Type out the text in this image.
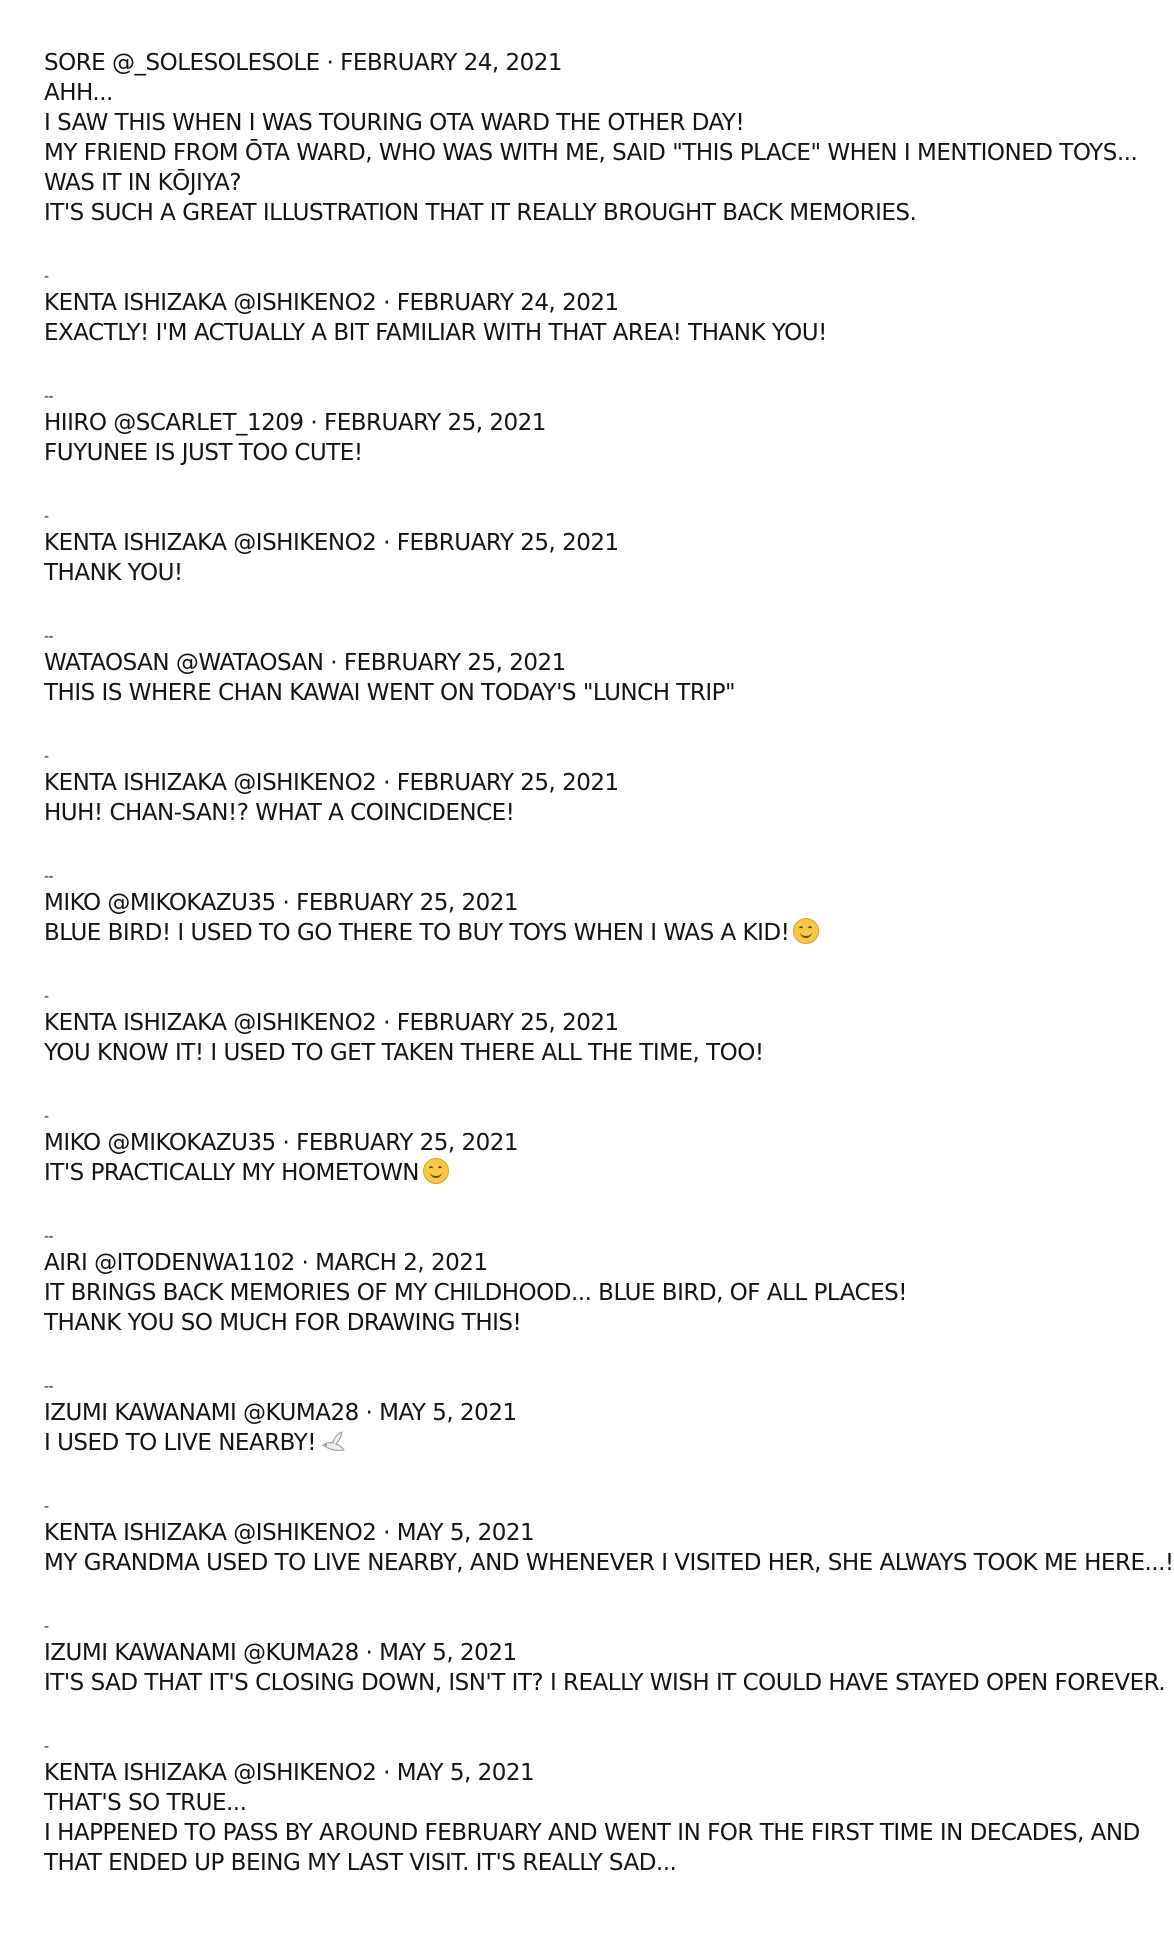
SORE @_SOLESOLESOLE · FEBRUARY 24, 2021
AHH...
I SAW THIS WHEN I WAS TOURING OTA WARD THE OTHER DAY!
MY FRIEND FROM ŌTA WARD, WHO WAS WITH ME, SAID "THIS PLACE" WHEN I MENTIONED TOYS...
WAS IT IN KŌJIYA?
IT'S SUCH A GREAT ILLUSTRATION THAT IT REALLY BROUGHT BACK MEMORIES.
-
KENTA ISHIZAKA @ISHIKENO2 · FEBRUARY 24, 2021
EXACTLY! I'M ACTUALLY A BIT FAMILIAR WITH THAT AREA! THANK YOU!
--
HIIRO @SCARLET_1209 · FEBRUARY 25, 2021
FUYUNEE IS JUST TOO CUTE!
-
KENTA ISHIZAKA @ISHIKENO2 · FEBRUARY 25, 2021
THANK YOU!
--
WATAOSAN @WATAOSAN · FEBRUARY 25, 2021
THIS IS WHERE CHAN KAWAI WENT ON TODAY'S "LUNCH TRIP"
-
KENTA ISHIZAKA @ISHIKENO2 · FEBRUARY 25, 2021
HUH! CHAN-SAN!? WHAT A COINCIDENCE!
--
MIKO @MIKOKAZU35 · FEBRUARY 25, 2021
BLUE BIRD! I USED TO GO THERE TO BUY TOYS WHEN I WAS A KID!
-
KENTA ISHIZAKA @ISHIKENO2 · FEBRUARY 25, 2021
YOU KNOW IT! I USED TO GET TAKEN THERE ALL THE TIME, TOO!
-
MIKO @MIKOKAZU35 · FEBRUARY 25, 2021
IT'S PRACTICALLY MY HOMETOWN
--
AIRI @ITODENWA1102 · MARCH 2, 2021
IT BRINGS BACK MEMORIES OF MY CHILDHOOD... BLUE BIRD, OF ALL PLACES!
THANK YOU SO MUCH FOR DRAWING THIS!
--
IZUMI KAWANAMI @KUMA28 · MAY 5, 2021
I USED TO LIVE NEARBY!
-
KENTA ISHIZAKA @ISHIKENO2 · MAY 5, 2021
MY GRANDMA USED TO LIVE NEARBY, AND WHENEVER I VISITED HER, SHE ALWAYS TOOK ME HERE...!
-
IZUMI KAWANAMI @KUMA28 · MAY 5, 2021
IT'S SAD THAT IT'S CLOSING DOWN, ISN'T IT? I REALLY WISH IT COULD HAVE STAYED OPEN FOREVER.
-
KENTA ISHIZAKA @ISHIKENO2 · MAY 5, 2021
THAT'S SO TRUE...
I HAPPENED TO PASS BY AROUND FEBRUARY AND WENT IN FOR THE FIRST TIME IN DECADES, AND
THAT ENDED UP BEING MY LAST VISIT. IT'S REALLY SAD...
